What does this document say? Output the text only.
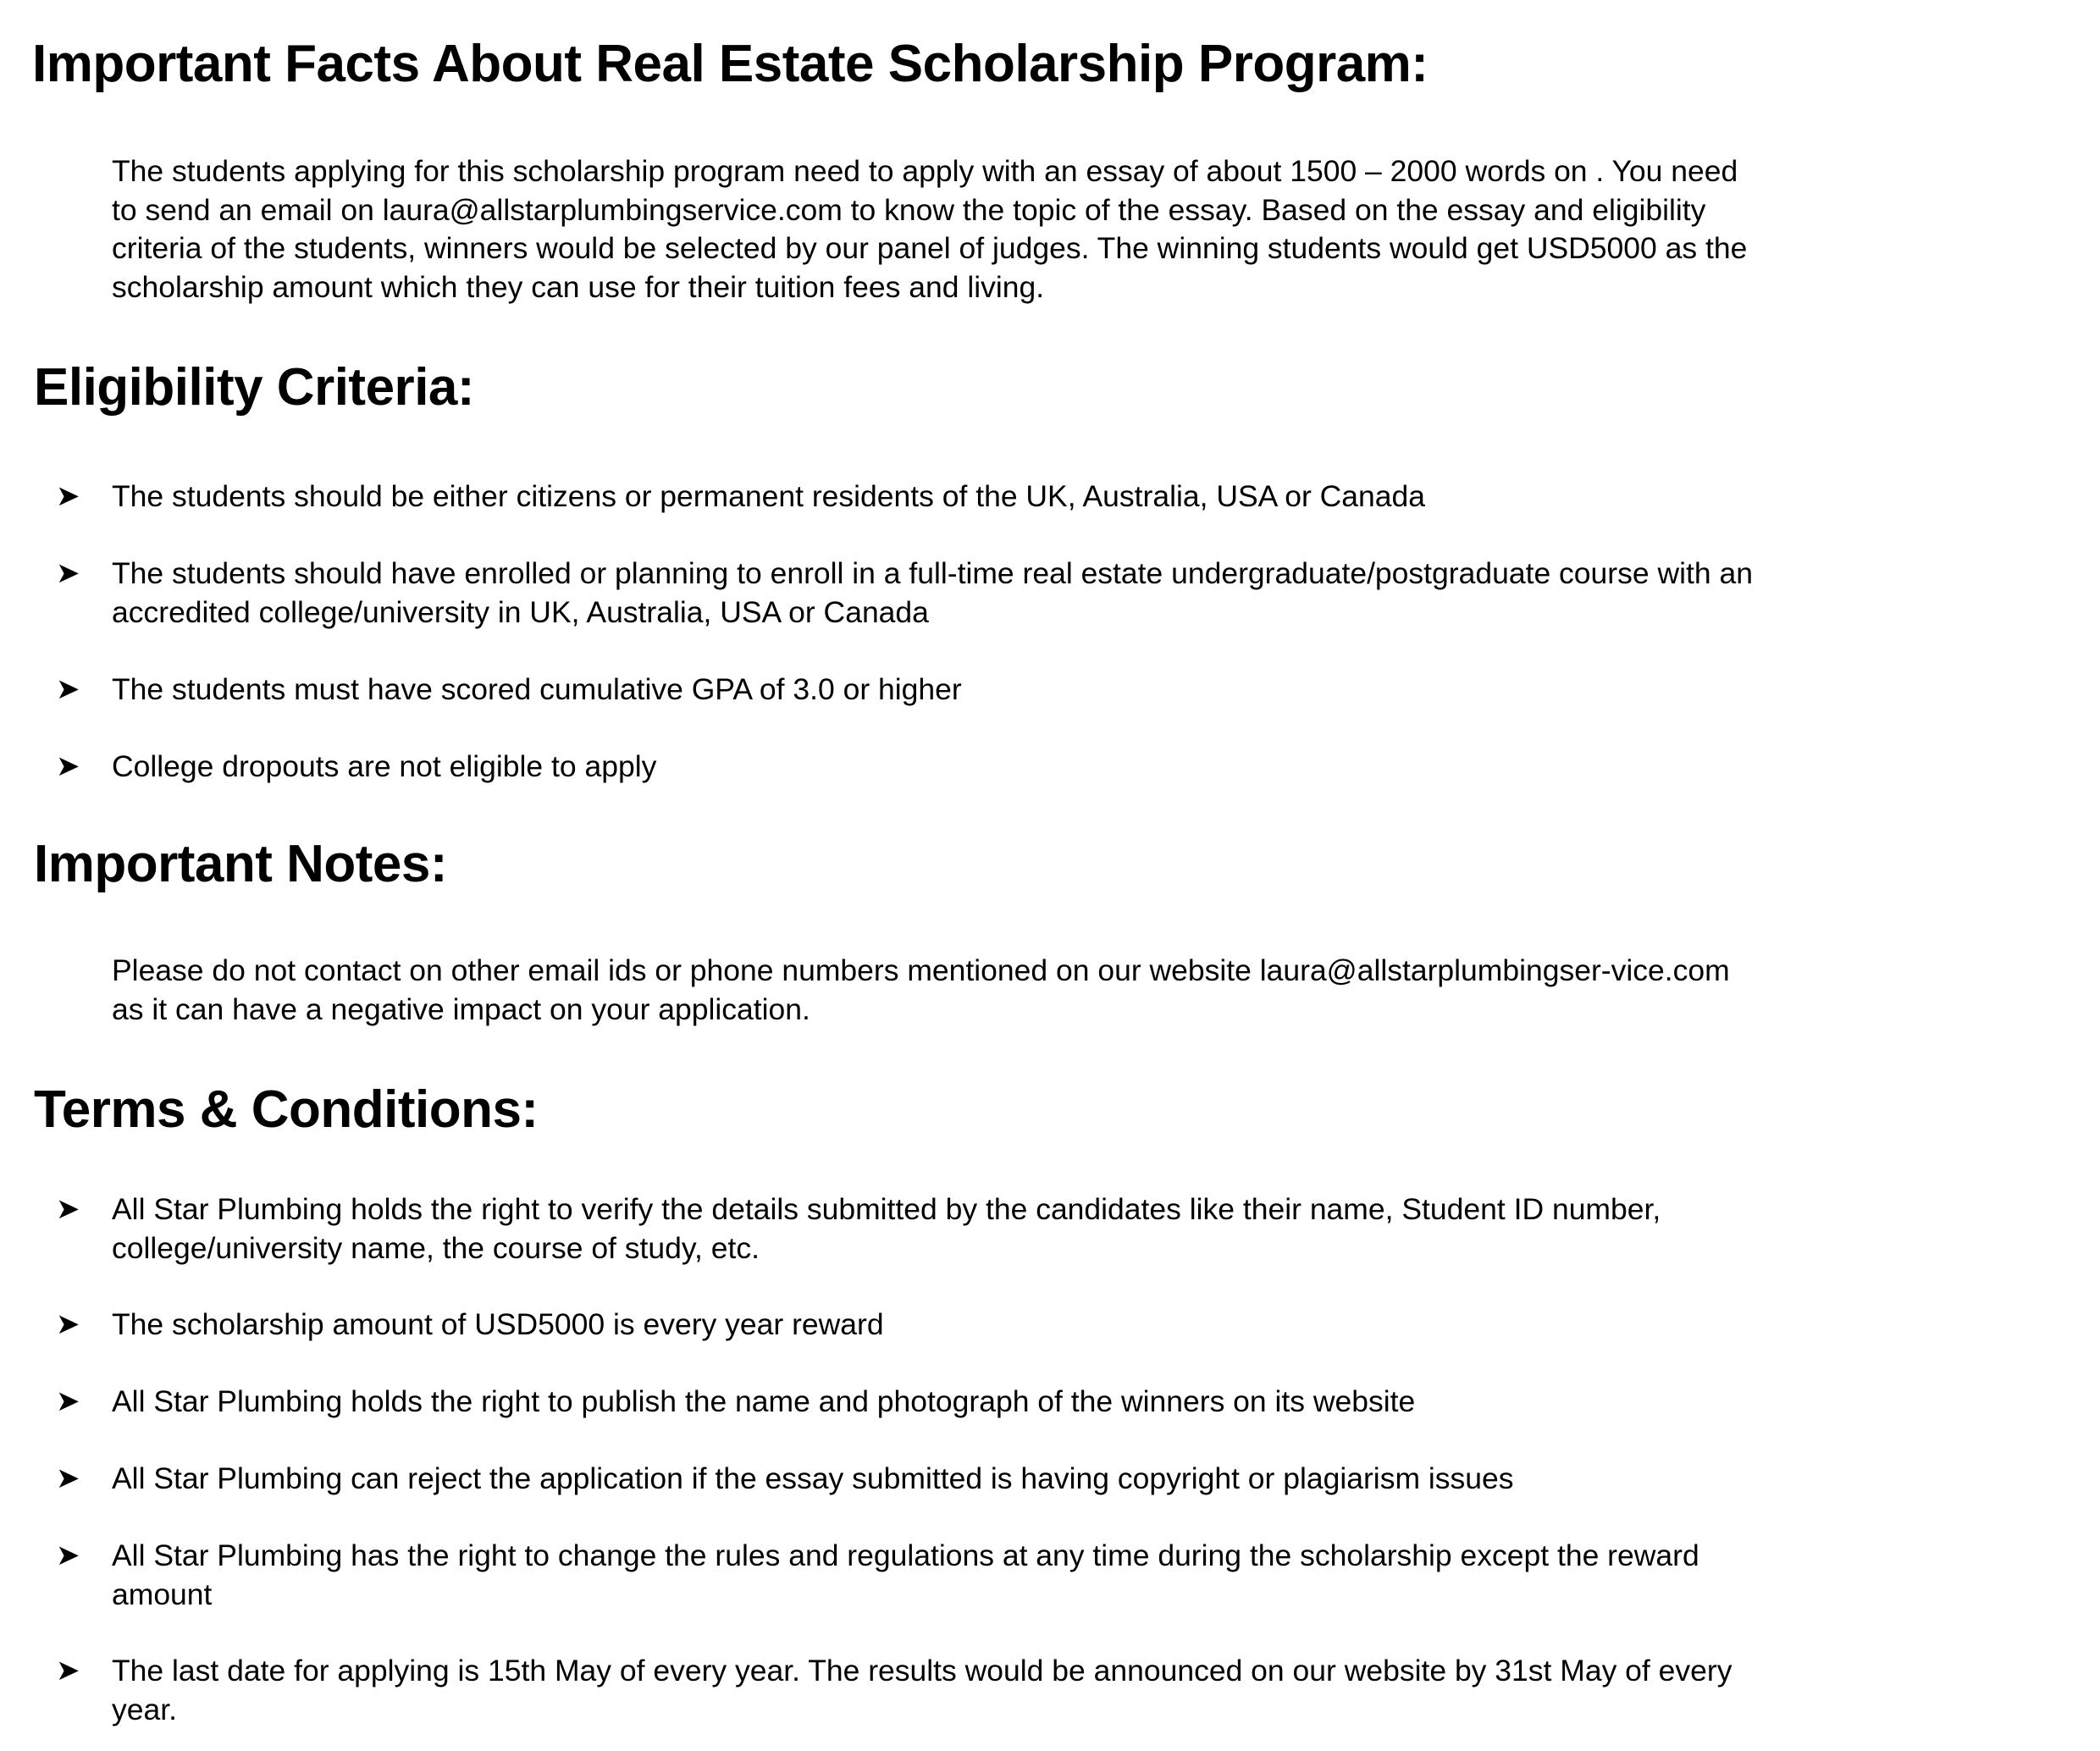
Important Facts About Real Estate Scholarship Program:

The students applying for this scholarship program need to apply with an essay of about 1500 – 2000 words on . You need to send an email on laura@allstarplumbingservice.com to know the topic of the essay. Based on the essay and eligibility criteria of the students, winners would be selected by our panel of judges. The winning students would get USD5000 as the scholarship amount which they can use for their tuition fees and living.

Eligibility Criteria:
➤ The students should be either citizens or permanent residents of the UK, Australia, USA or Canada
➤ The students should have enrolled or planning to enroll in a full-time real estate undergraduate/postgraduate course with an accredited college/university in UK, Australia, USA or Canada
➤ The students must have scored cumulative GPA of 3.0 or higher
➤ College dropouts are not eligible to apply
Important Notes:

Please do not contact on other email ids or phone numbers mentioned on our website laura@allstarplumbingser-vice.com as it can have a negative impact on your application.

Terms & Conditions:
➤ All Star Plumbing holds the right to verify the details submitted by the candidates like their name, Student ID number, college/university name, the course of study, etc.
➤ The scholarship amount of USD5000 is every year reward
➤ All Star Plumbing holds the right to publish the name and photograph of the winners on its website
➤ All Star Plumbing can reject the application if the essay submitted is having copyright or plagiarism issues
➤ All Star Plumbing has the right to change the rules and regulations at any time during the scholarship except the reward amount
➤ The last date for applying is 15th May of every year. The results would be announced on our website by 31st May of every year.
